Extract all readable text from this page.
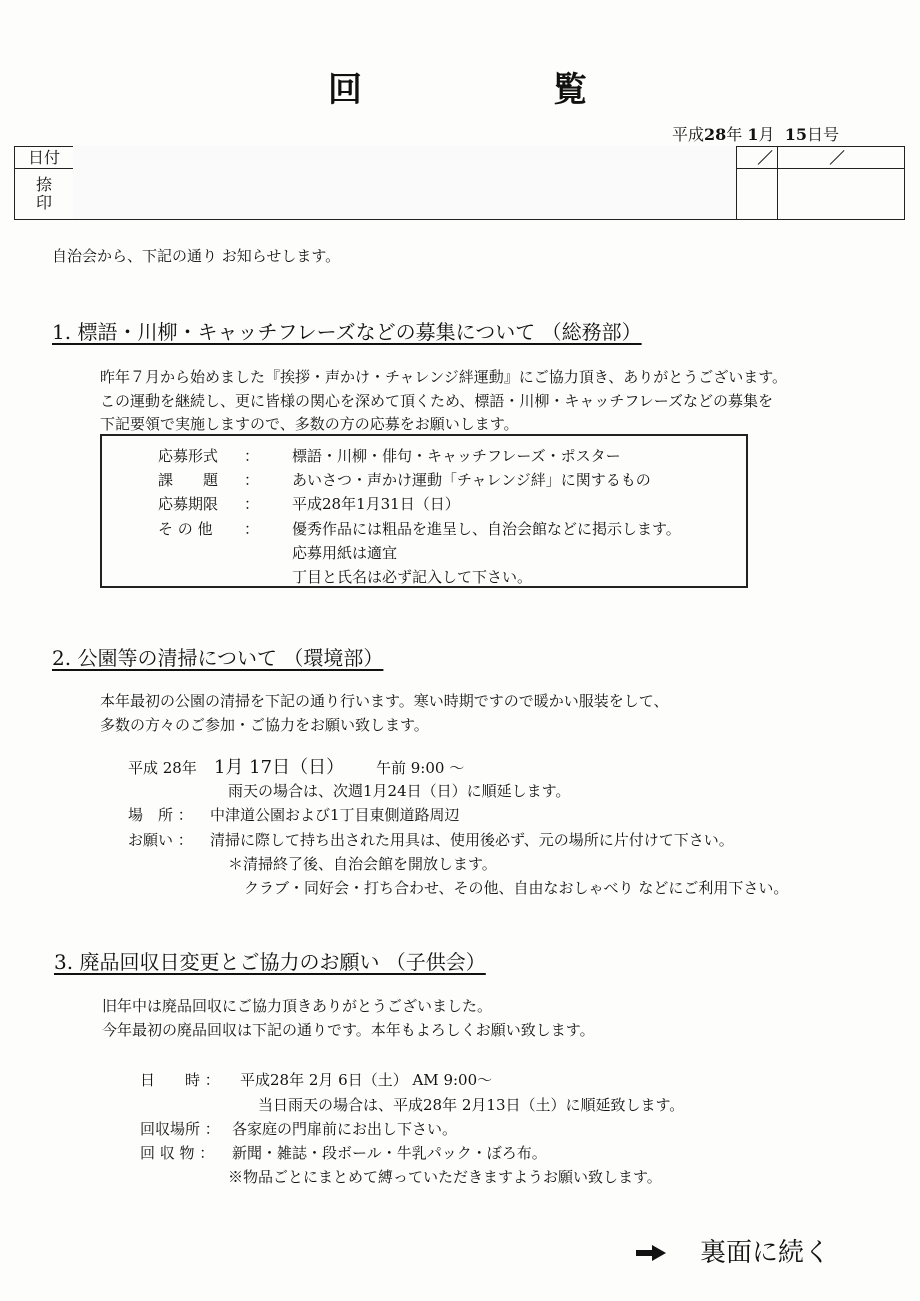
回	覧
平成28年 1月 15日号
日付			

捺
印			

自治会から、下記の通り お知らせします。
1. 標語・川柳・キャッチフレーズなどの募集について （総務部）
昨年７月から始めました『挨拶・声かけ・チャレンジ絆運動』にご協力頂き、ありがとうございます。
この運動を継続し、更に皆様の関心を深めて頂くため、標語・川柳・キャッチフレーズなどの募集を
下記要領で実施しますので、多数の方の応募をお願いします。
応募形式 ： 標語・川柳・俳句・キャッチフレーズ・ポスター
課　　題 ： あいさつ・声かけ運動「チャレンジ絆」に関するもの
応募期限 ： 平成28年1月31日（日）
そ の 他 ： 優秀作品には粗品を進呈し、自治会館などに掲示します。
応募用紙は適宜
丁目と氏名は必ず記入して下さい。
2. 公園等の清掃について （環境部）
本年最初の公園の清掃を下記の通り行います。寒い時期ですので暖かい服装をして、
多数の方々のご参加・ご協力をお願い致します。
平成 28年 1月 17日（日） 午前 9:00 ～
雨天の場合は、次週1月24日（日）に順延します。
場　所 ： 中津道公園および1丁目東側道路周辺
お願い ： 清掃に際して持ち出された用具は、使用後必ず、元の場所に片付けて下さい。
＊清掃終了後、自治会館を開放します。
クラブ・同好会・打ち合わせ、その他、自由なおしゃべり などにご利用下さい。
3. 廃品回収日変更とご協力のお願い （子供会）
旧年中は廃品回収にご協力頂きありがとうございました。
今年最初の廃品回収は下記の通りです。本年もよろしくお願い致します。
日　　時 ： 平成28年 2月 6日（土） AM 9:00～
当日雨天の場合は、平成28年 2月13日（土）に順延致します。
回収場所 ： 各家庭の門扉前にお出し下さい。
回 収 物 ： 新聞・雑誌・段ボール・牛乳パック・ぼろ布。
※物品ごとにまとめて縛っていただきますようお願い致します。
裏面に続く
